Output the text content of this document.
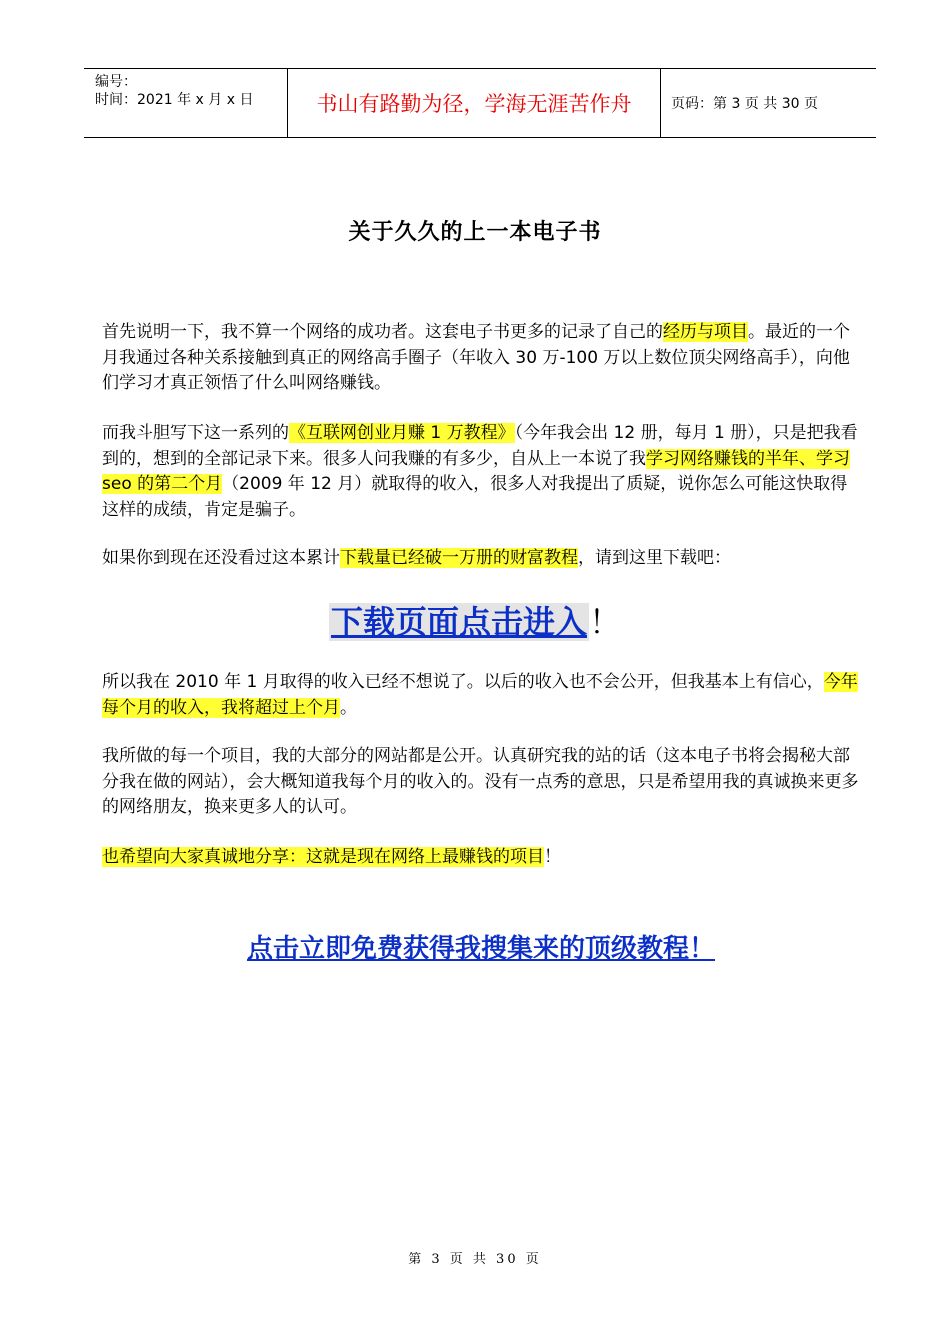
编号：
时间：2021 年 x 月 x 日	书山有路勤为径，学海无涯苦作舟	页码：第 3 页 共 30 页
关于久久的上一本电子书
首先说明一下，我不算一个网络的成功者。这套电子书更多的记录了自己的经历与项目。最近的一个月我通过各种关系接触到真正的网络高手圈子（年收入 30 万-100 万以上数位顶尖网络高手），向他们学习才真正领悟了什么叫网络赚钱。
而我斗胆写下这一系列的《互联网创业月赚 1 万教程》（今年我会出 12 册，每月 1 册），只是把我看到的，想到的全部记录下来。很多人问我赚的有多少，自从上一本说了我学习网络赚钱的半年、学习 seo 的第二个月（2009 年 12 月）就取得的收入，很多人对我提出了质疑，说你怎么可能这快取得这样的成绩，肯定是骗子。
如果你到现在还没看过这本累计下载量已经破一万册的财富教程，请到这里下载吧：
下载页面点击进入！
所以我在 2010 年 1 月取得的收入已经不想说了。以后的收入也不会公开，但我基本上有信心，今年每个月的收入，我将超过上个月。
我所做的每一个项目，我的大部分的网站都是公开。认真研究我的站的话（这本电子书将会揭秘大部分我在做的网站），会大概知道我每个月的收入的。没有一点秀的意思，只是希望用我的真诚换来更多的网络朋友，换来更多人的认可。
也希望向大家真诚地分享：这就是现在网络上最赚钱的项目！
点击立即免费获得我搜集来的顶级教程！
第 3 页 共 30 页
